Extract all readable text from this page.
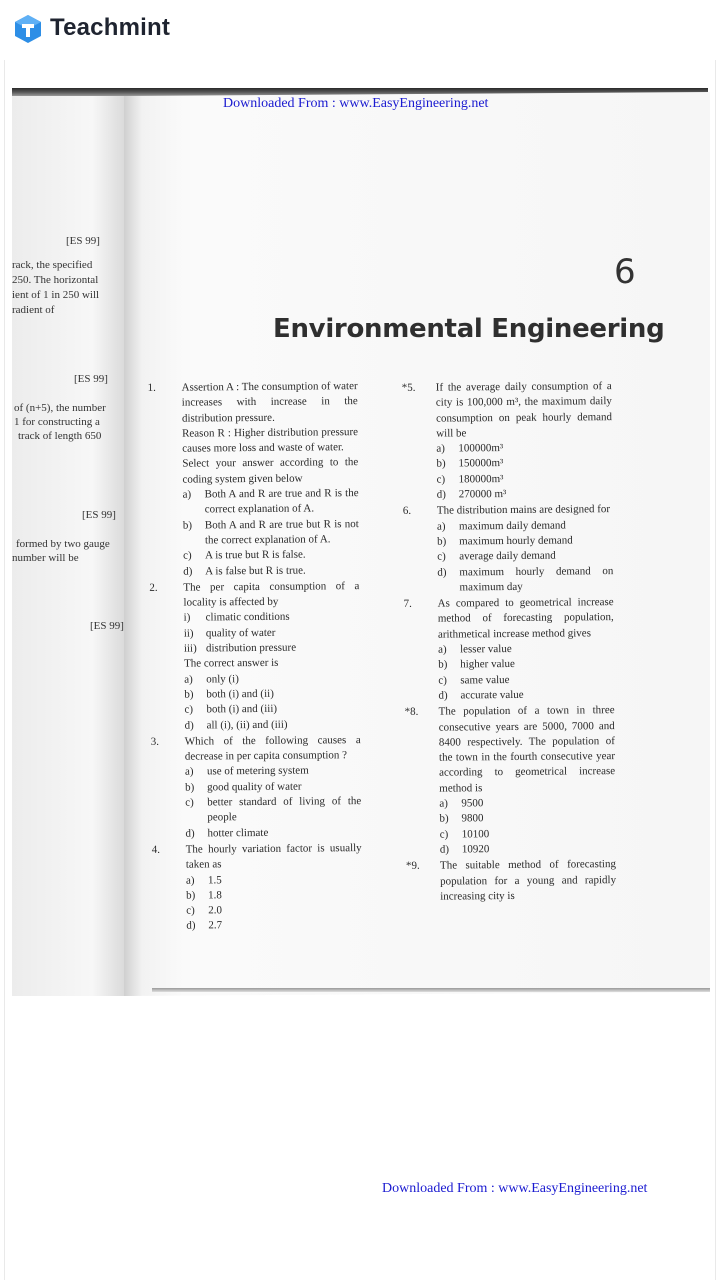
Teachmint
Downloaded From : www.EasyEngineering.net
[ES 99]
rack, the specified
250. The horizontal
ient of 1 in 250 will
radient of
[ES 99]
of (n+5), the number
1 for constructing a
track of length 650
[ES 99]
formed by two gauge
number will be
[ES 99]
6
Environmental Engineering
1. Assertion A : The consumption of water increases with increase in the distribution pressure.
Reason R : Higher distribution pressure causes more loss and waste of water.
Select your answer according to the coding system given below
a) Both A and R are true and R is the correct explanation of A.
b) Both A and R are true but R is not the correct explanation of A.
c) A is true but R is false.
d) A is false but R is true.
2. The per capita consumption of a locality is affected by
i) climatic conditions
ii) quality of water
iii) distribution pressure
The correct answer is
a) only (i)
b) both (i) and (ii)
c) both (i) and (iii)
d) all (i), (ii) and (iii)
3. Which of the following causes a decrease in per capita consumption ?
a) use of metering system
b) good quality of water
c) better standard of living of the people
d) hotter climate
4. The hourly variation factor is usually taken as
a) 1.5
b) 1.8
c) 2.0
d) 2.7
*5. If the average daily consumption of a city is 100,000 m³, the maximum daily consumption on peak hourly demand will be
a) 100000m³
b) 150000m³
c) 180000m³
d) 270000 m³
6. The distribution mains are designed for
a) maximum daily demand
b) maximum hourly demand
c) average daily demand
d) maximum hourly demand on maximum day
7. As compared to geometrical increase method of forecasting population, arithmetical increase method gives
a) lesser value
b) higher value
c) same value
d) accurate value
*8. The population of a town in three consecutive years are 5000, 7000 and 8400 respectively. The population of the town in the fourth consecutive year according to geometrical increase method is
a) 9500
b) 9800
c) 10100
d) 10920
*9. The suitable method of forecasting population for a young and rapidly increasing city is
Downloaded From : www.EasyEngineering.net
